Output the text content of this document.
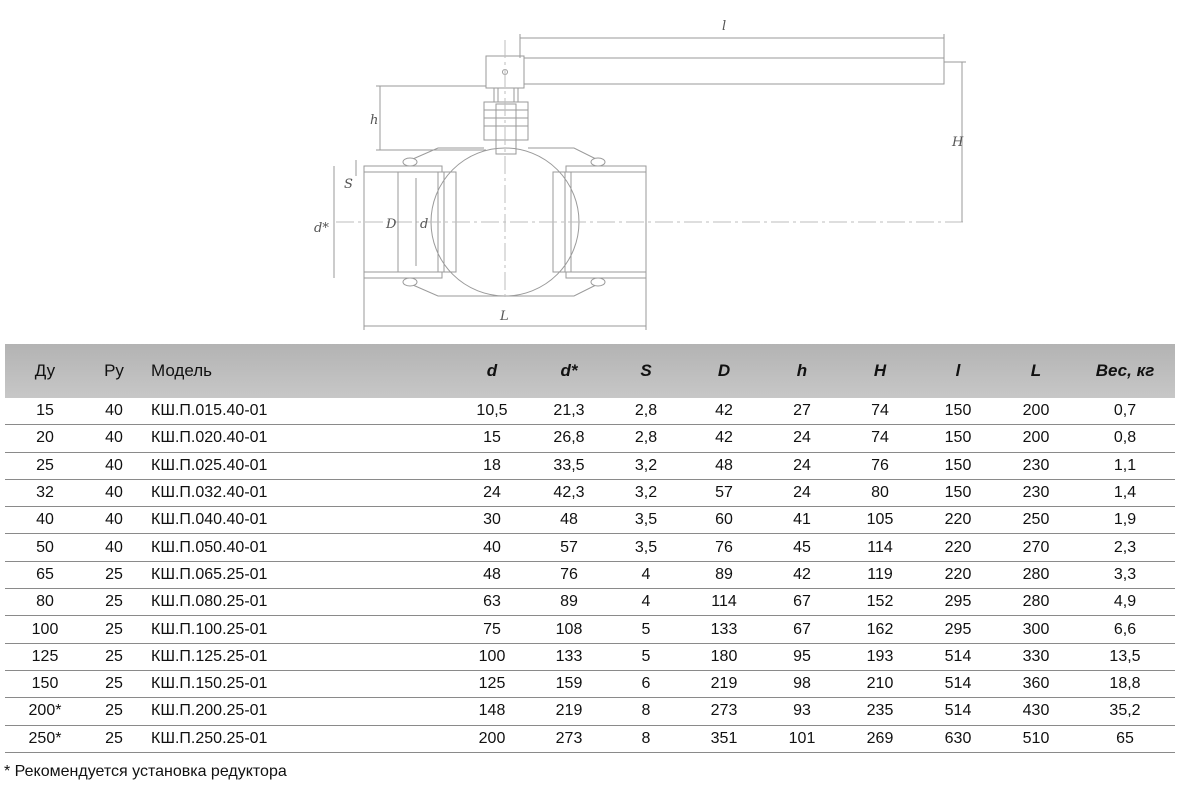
l
H
h
S
d*	D d
L
Ду	Ру	Модель	d	d*	S	D	h	H	l	L	Вес, кг
15	40	КШ.П.015.40-01	10,5	21,3	2,8	42	27	74	150	200	0,7
20	40	КШ.П.020.40-01	15	26,8	2,8	42	24	74	150	200	0,8
25	40	КШ.П.025.40-01	18	33,5	3,2	48	24	76	150	230	1,1
32	40	КШ.П.032.40-01	24	42,3	3,2	57	24	80	150	230	1,4
40	40	КШ.П.040.40-01	30	48	3,5	60	41	105	220	250	1,9
50	40	КШ.П.050.40-01	40	57	3,5	76	45	114	220	270	2,3
65	25	КШ.П.065.25-01	48	76	4	89	42	119	220	280	3,3
80	25	КШ.П.080.25-01	63	89	4	114	67	152	295	280	4,9
100	25	КШ.П.100.25-01	75	108	5	133	67	162	295	300	6,6
125	25	КШ.П.125.25-01	100	133	5	180	95	193	514	330	13,5
150	25	КШ.П.150.25-01	125	159	6	219	98	210	514	360	18,8
200*	25	КШ.П.200.25-01	148	219	8	273	93	235	514	430	35,2
250*	25	КШ.П.250.25-01	200	273	8	351	101	269	630	510	65
* Рекомендуется установка редуктора
